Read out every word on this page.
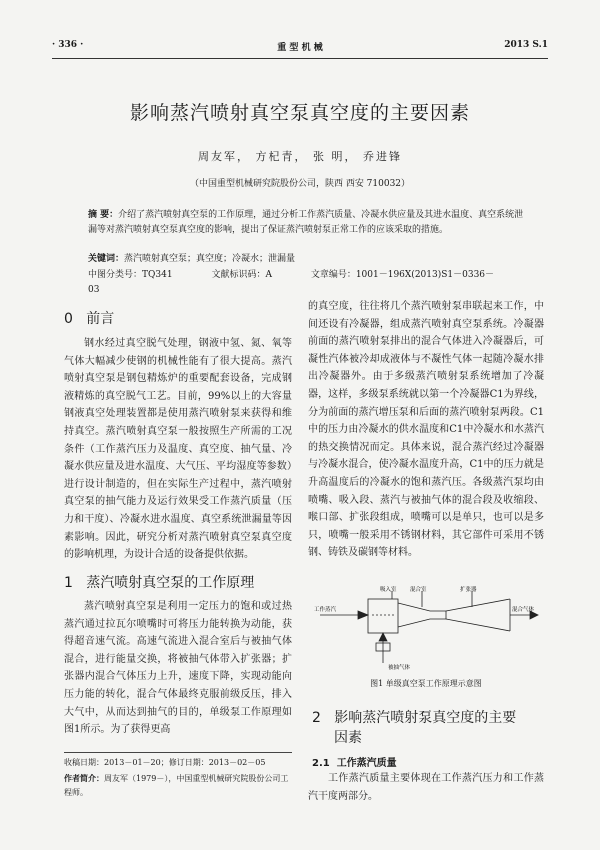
· 336 ·	重 型 机 械	2013 S.1
影响蒸汽喷射真空泵真空度的主要因素
周友军， 方杞青， 张 明， 乔进锋
（中国重型机械研究院股份公司，陕西 西安 710032）
摘 要：介绍了蒸汽喷射真空泵的工作原理，通过分析工作蒸汽质量、冷凝水供应量及其进水温度、真空系统泄漏等对蒸汽喷射真空泵真空度的影响，提出了保证蒸汽喷射泵正常工作的应该采取的措施。
关键词：蒸汽喷射真空泵；真空度；冷凝水；泄漏量
中图分类号：TQ341	文献标识码：A	文章编号：1001－196X(2013)S1－0336－03
0 前言

钢水经过真空脱气处理，钢液中氢、氮、氧等气体大幅减少使钢的机械性能有了很大提高。蒸汽喷射真空泵是钢包精炼炉的重要配套设备，完成钢液精炼的真空脱气工艺。目前，99%以上的大容量钢液真空处理装置都是使用蒸汽喷射泵来获得和维持真空。蒸汽喷射真空泵一般按照生产所需的工况条件（工作蒸汽压力及温度、真空度、抽气量、冷凝水供应量及进水温度、大气压、平均湿度等参数）进行设计制造的，但在实际生产过程中，蒸汽喷射真空泵的抽气能力及运行效果受工作蒸汽质量（压力和干度）、冷凝水进水温度、真空系统泄漏量等因素影响。因此，研究分析对蒸汽喷射真空泵真空度的影响机理，为设计合适的设备提供依据。

1 蒸汽喷射真空泵的工作原理

蒸汽喷射真空泵是利用一定压力的饱和或过热蒸汽通过拉瓦尔喷嘴时可将压力能转换为动能，获得超音速气流。高速气流进入混合室后与被抽气体混合，进行能量交换，将被抽气体带入扩张器；扩张器内混合气体压力上升，速度下降，实现动能向压力能的转化，混合气体最终克服前级反压，排入大气中，从而达到抽气的目的，单级泵工作原理如图1所示。为了获得更高

的真空度，往往将几个蒸汽喷射泵串联起来工作，中间还设有冷凝器，组成蒸汽喷射真空泵系统。冷凝器前面的蒸汽喷射泵排出的混合气体进入冷凝器后，可凝性汽体被冷却成液体与不凝性气体一起随冷凝水排出冷凝器外。由于多级蒸汽喷射泵系统增加了冷凝器，这样，多级泵系统就以第一个冷凝器C1为界线，分为前面的蒸汽增压泵和后面的蒸汽喷射泵两段。C1中的压力由冷凝水的供水温度和C1中冷凝水和水蒸汽的热交换情况而定。具体来说，混合蒸汽经过冷凝器与冷凝水混合，使冷凝水温度升高，C1中的压力就是升高温度后的冷凝水的饱和蒸汽压。各级蒸汽泵均由喷嘴、吸入段、蒸汽与被抽气体的混合段及收缩段、喉口部、扩张段组成，喷嘴可以是单只，也可以是多只，喷嘴一般采用不锈钢材料，其它部件可采用不锈钢、铸铁及碳钢等材料。

吸入室 混合室	扩张器
工作蒸汽	混合气体
被抽气体
图1 单级真空泵工作原理示意图
2 影响蒸汽喷射泵真空度的主要
因素
2.1 工作蒸汽质量

工作蒸汽质量主要体现在工作蒸汽压力和工作蒸汽干度两部分。

收稿日期：2013－01－20；修订日期：2013－02－05
作者简介：周友军（1979－），中国重型机械研究院股份公司工程师。
